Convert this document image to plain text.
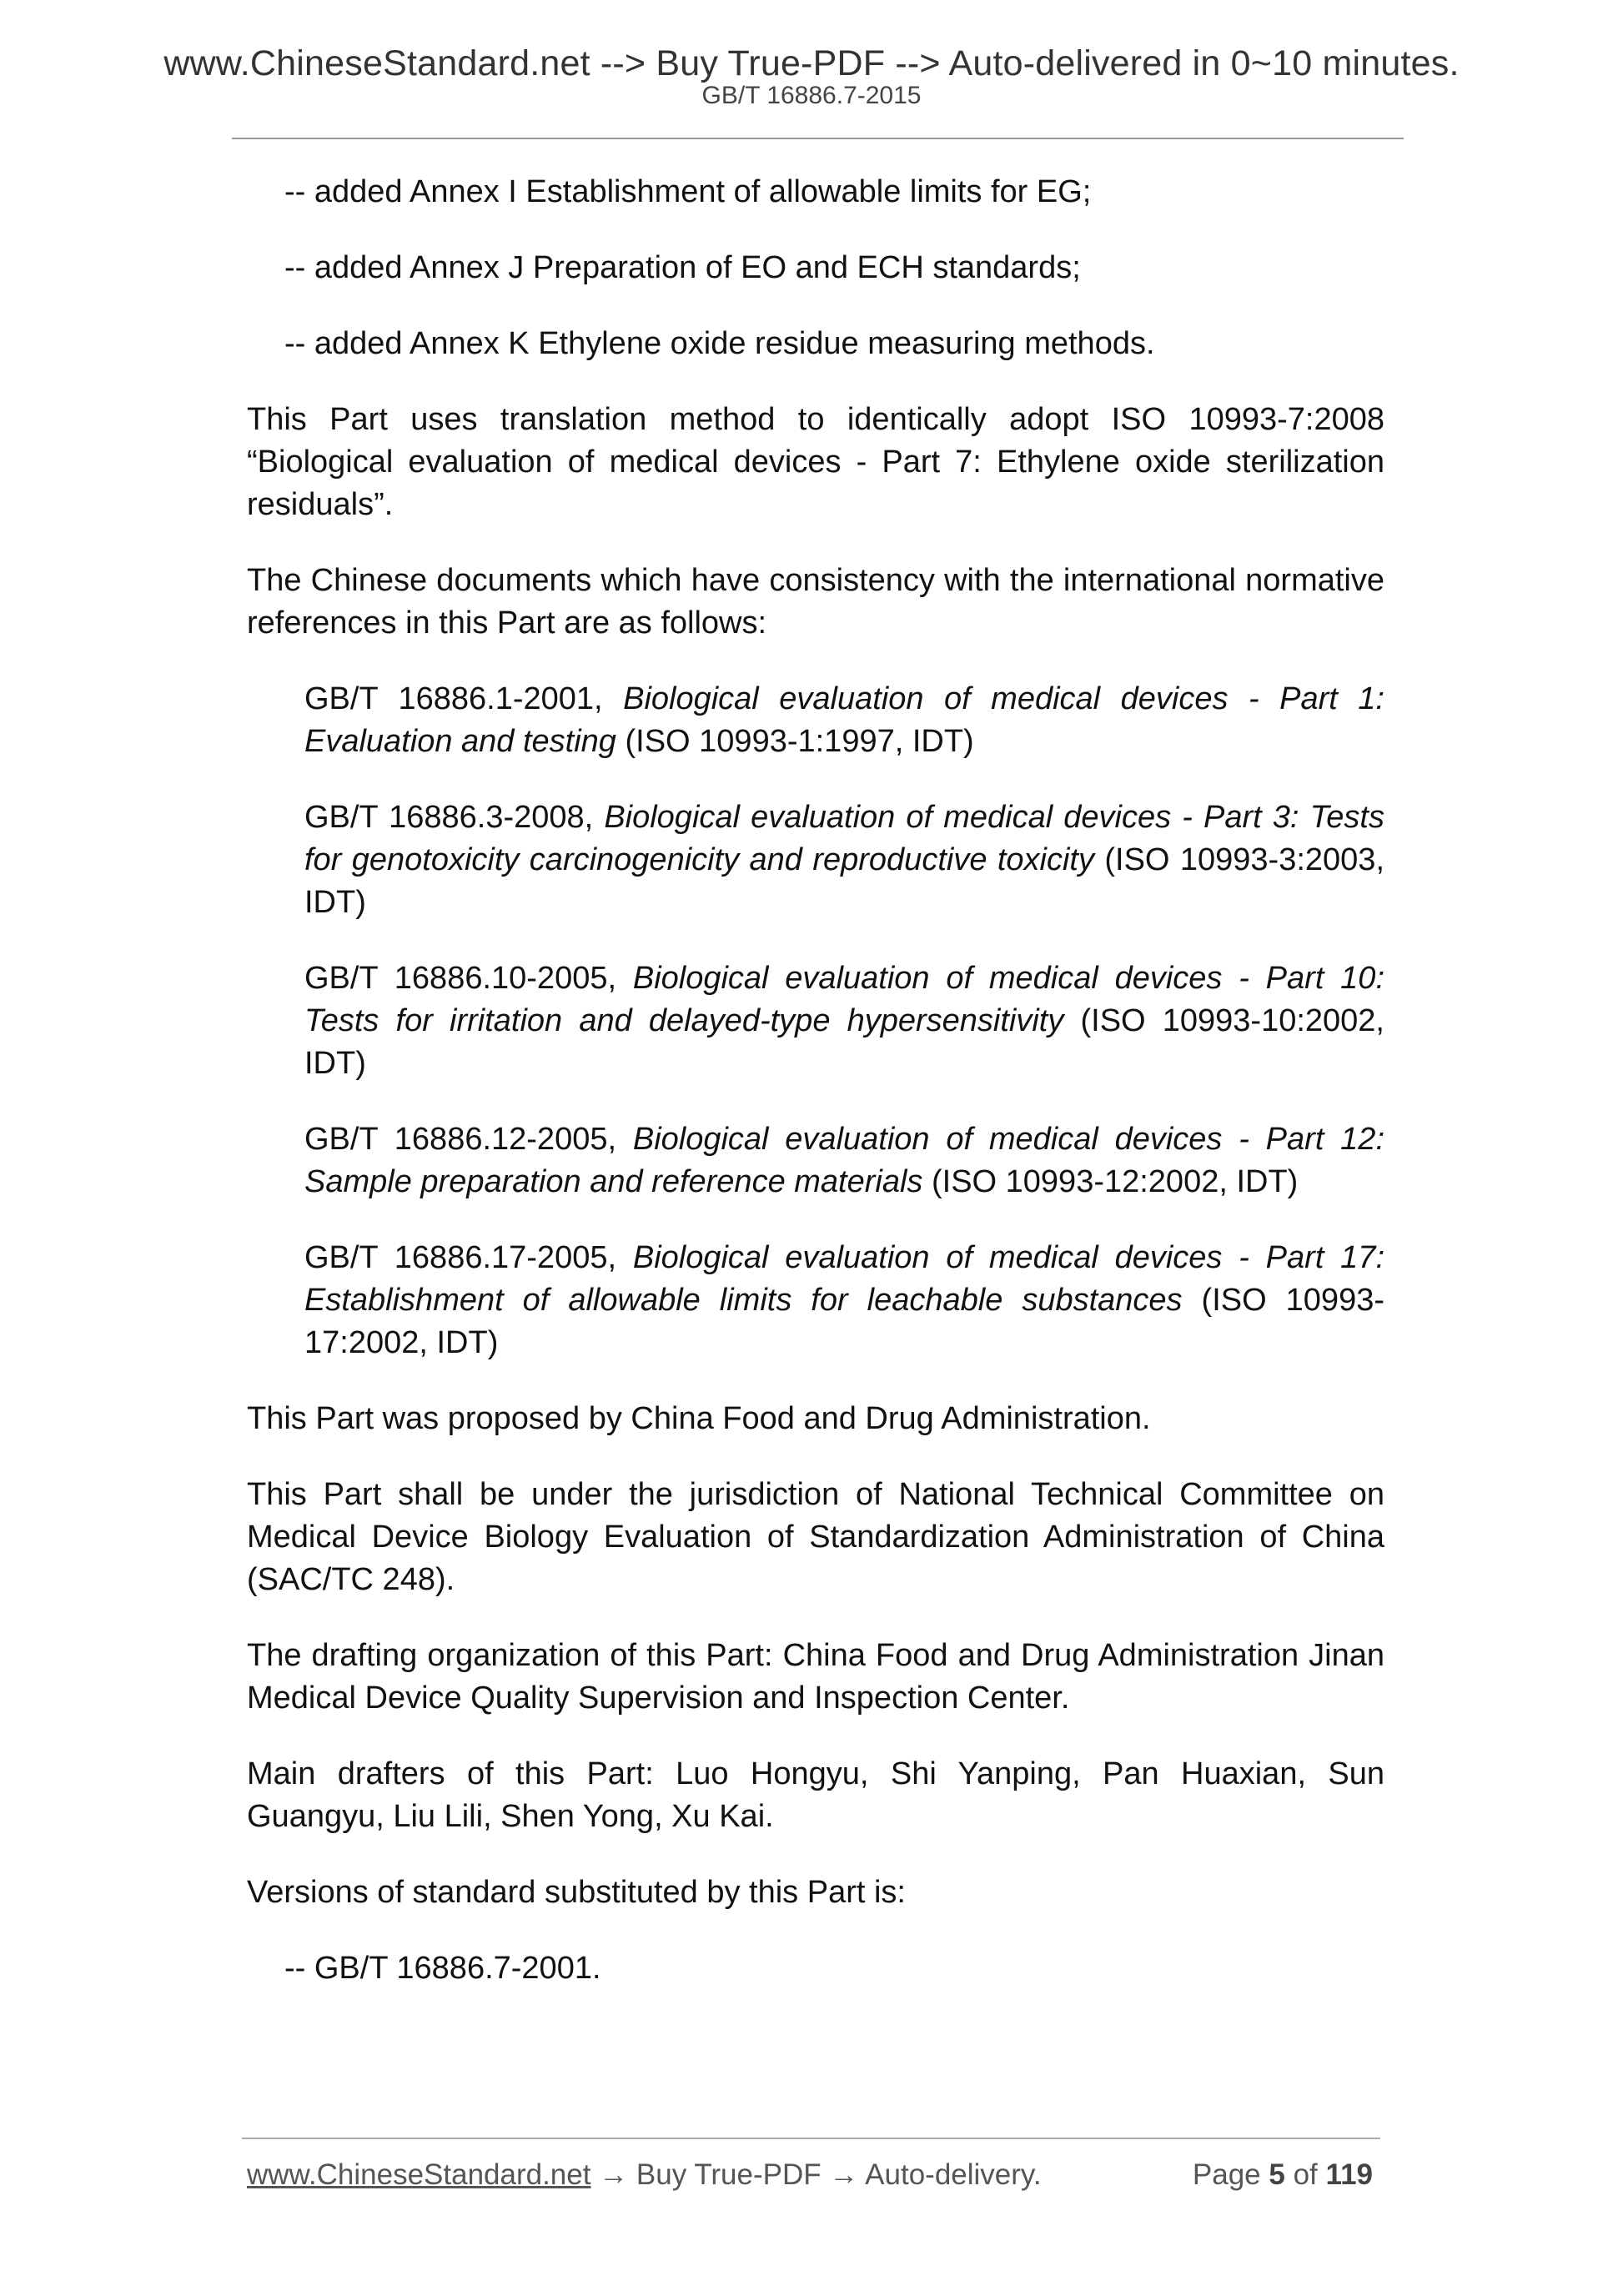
www.ChineseStandard.net --> Buy True-PDF --> Auto-delivered in 0~10 minutes.
GB/T 16886.7-2015

-- added Annex I Establishment of allowable limits for EG;

-- added Annex J Preparation of EO and ECH standards;

-- added Annex K Ethylene oxide residue measuring methods.

This Part uses translation method to identically adopt ISO 10993-7:2008 “Biological evaluation of medical devices - Part 7: Ethylene oxide sterilization residuals”.

The Chinese documents which have consistency with the international normative references in this Part are as follows:

GB/T 16886.1-2001, Biological evaluation of medical devices - Part 1: Evaluation and testing (ISO 10993-1:1997, IDT)

GB/T 16886.3-2008, Biological evaluation of medical devices - Part 3: Tests for genotoxicity carcinogenicity and reproductive toxicity (ISO 10993-3:2003, IDT)

GB/T 16886.10-2005, Biological evaluation of medical devices - Part 10: Tests for irritation and delayed-type hypersensitivity (ISO 10993-10:2002, IDT)

GB/T 16886.12-2005, Biological evaluation of medical devices - Part 12: Sample preparation and reference materials (ISO 10993-12:2002, IDT)

GB/T 16886.17-2005, Biological evaluation of medical devices - Part 17: Establishment of allowable limits for leachable substances (ISO 10993-17:2002, IDT)

This Part was proposed by China Food and Drug Administration.

This Part shall be under the jurisdiction of National Technical Committee on Medical Device Biology Evaluation of Standardization Administration of China (SAC/TC 248).

The drafting organization of this Part: China Food and Drug Administration Jinan Medical Device Quality Supervision and Inspection Center.

Main drafters of this Part: Luo Hongyu, Shi Yanping, Pan Huaxian, Sun Guangyu, Liu Lili, Shen Yong, Xu Kai.

Versions of standard substituted by this Part is:

-- GB/T 16886.7-2001.

www.ChineseStandard.net → Buy True-PDF → Auto-delivery.	Page 5 of 119
